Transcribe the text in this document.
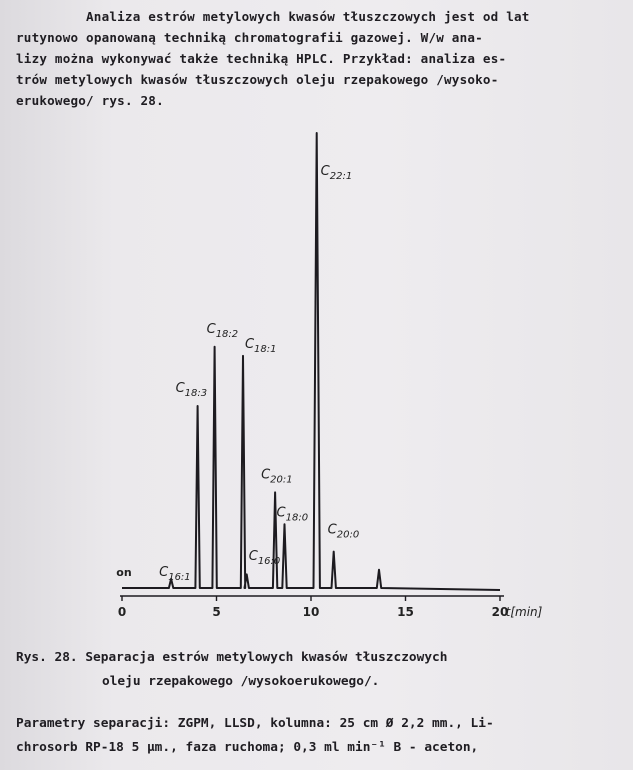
Analiza estrów metylowych kwasów tłuszczowych jest od lat
rutynowo opanowaną techniką chromatografii gazowej. W/w ana-
lizy można wykonywać także techniką HPLC. Przykład: analiza es-
trów metylowych kwasów tłuszczowych oleju rzepakowego /wysoko-
erukowego/ rys. 28.
0	5	10	15	20
t[min]
on $C_{16:1}$
$C_{18:3}$
$C_{18:2}$
$C_{18:1}$
$C_{16:0}$
$C_{20:1}$
$C_{18:0}$
$C_{22:1}$
$C_{20:0}$
Rys. 28. Separacja estrów metylowych kwasów tłuszczowych
oleju rzepakowego /wysokoerukowego/.
Parametry separacji: ZGPM, LLSD, kolumna: 25 cm Ø 2,2 mm., Li-
chrosorb RP-18 5 μm., faza ruchoma; 0,3 ml min⁻¹ B - aceton,
